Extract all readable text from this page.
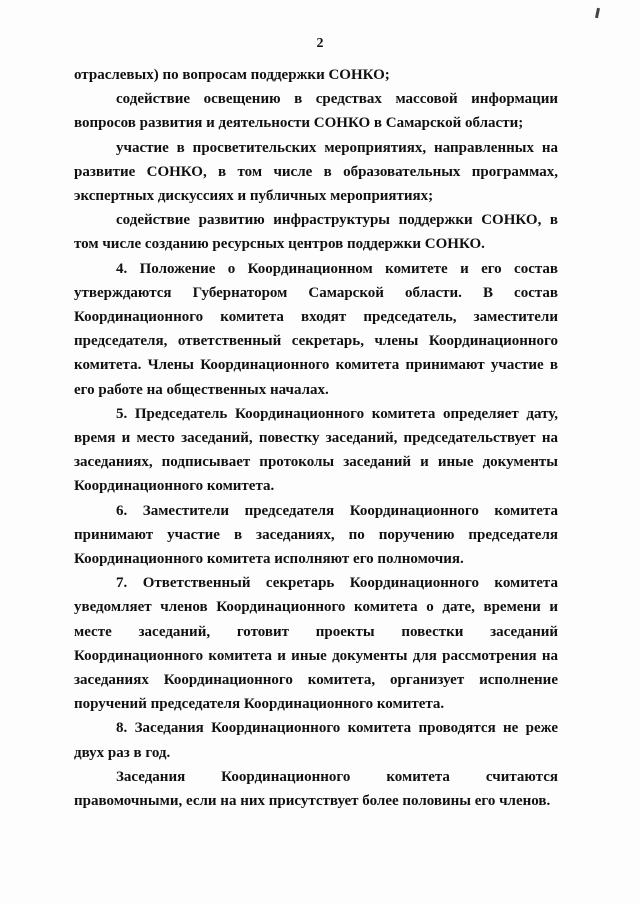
2

отраслевых) по вопросам поддержки СОНКО;

содействие освещению в средствах массовой информации вопросов развития и деятельности СОНКО в Самарской области;

участие в просветительских мероприятиях, направленных на развитие СОНКО, в том числе в образовательных программах, экспертных дискуссиях и публичных мероприятиях;

содействие развитию инфраструктуры поддержки СОНКО, в том числе созданию ресурсных центров поддержки СОНКО.

4. Положение о Координационном комитете и его состав утверждаются Губернатором Самарской области. В состав Координационного комитета входят председатель, заместители председателя, ответственный секретарь, члены Координационного комитета. Члены Координационного комитета принимают участие в его работе на общественных началах.

5. Председатель Координационного комитета определяет дату, время и место заседаний, повестку заседаний, председательствует на заседаниях, подписывает протоколы заседаний и иные документы Координационного комитета.

6. Заместители председателя Координационного комитета принимают участие в заседаниях, по поручению председателя Координационного комитета исполняют его полномочия.

7. Ответственный секретарь Координационного комитета уведомляет членов Координационного комитета о дате, времени и месте заседаний, готовит проекты повестки заседаний Координационного комитета и иные документы для рассмотрения на заседаниях Координационного комитета, организует исполнение поручений председателя Координационного комитета.

8. Заседания Координационного комитета проводятся не реже двух раз в год.

Заседания Координационного комитета считаются правомочными, если на них присутствует более половины его членов.
